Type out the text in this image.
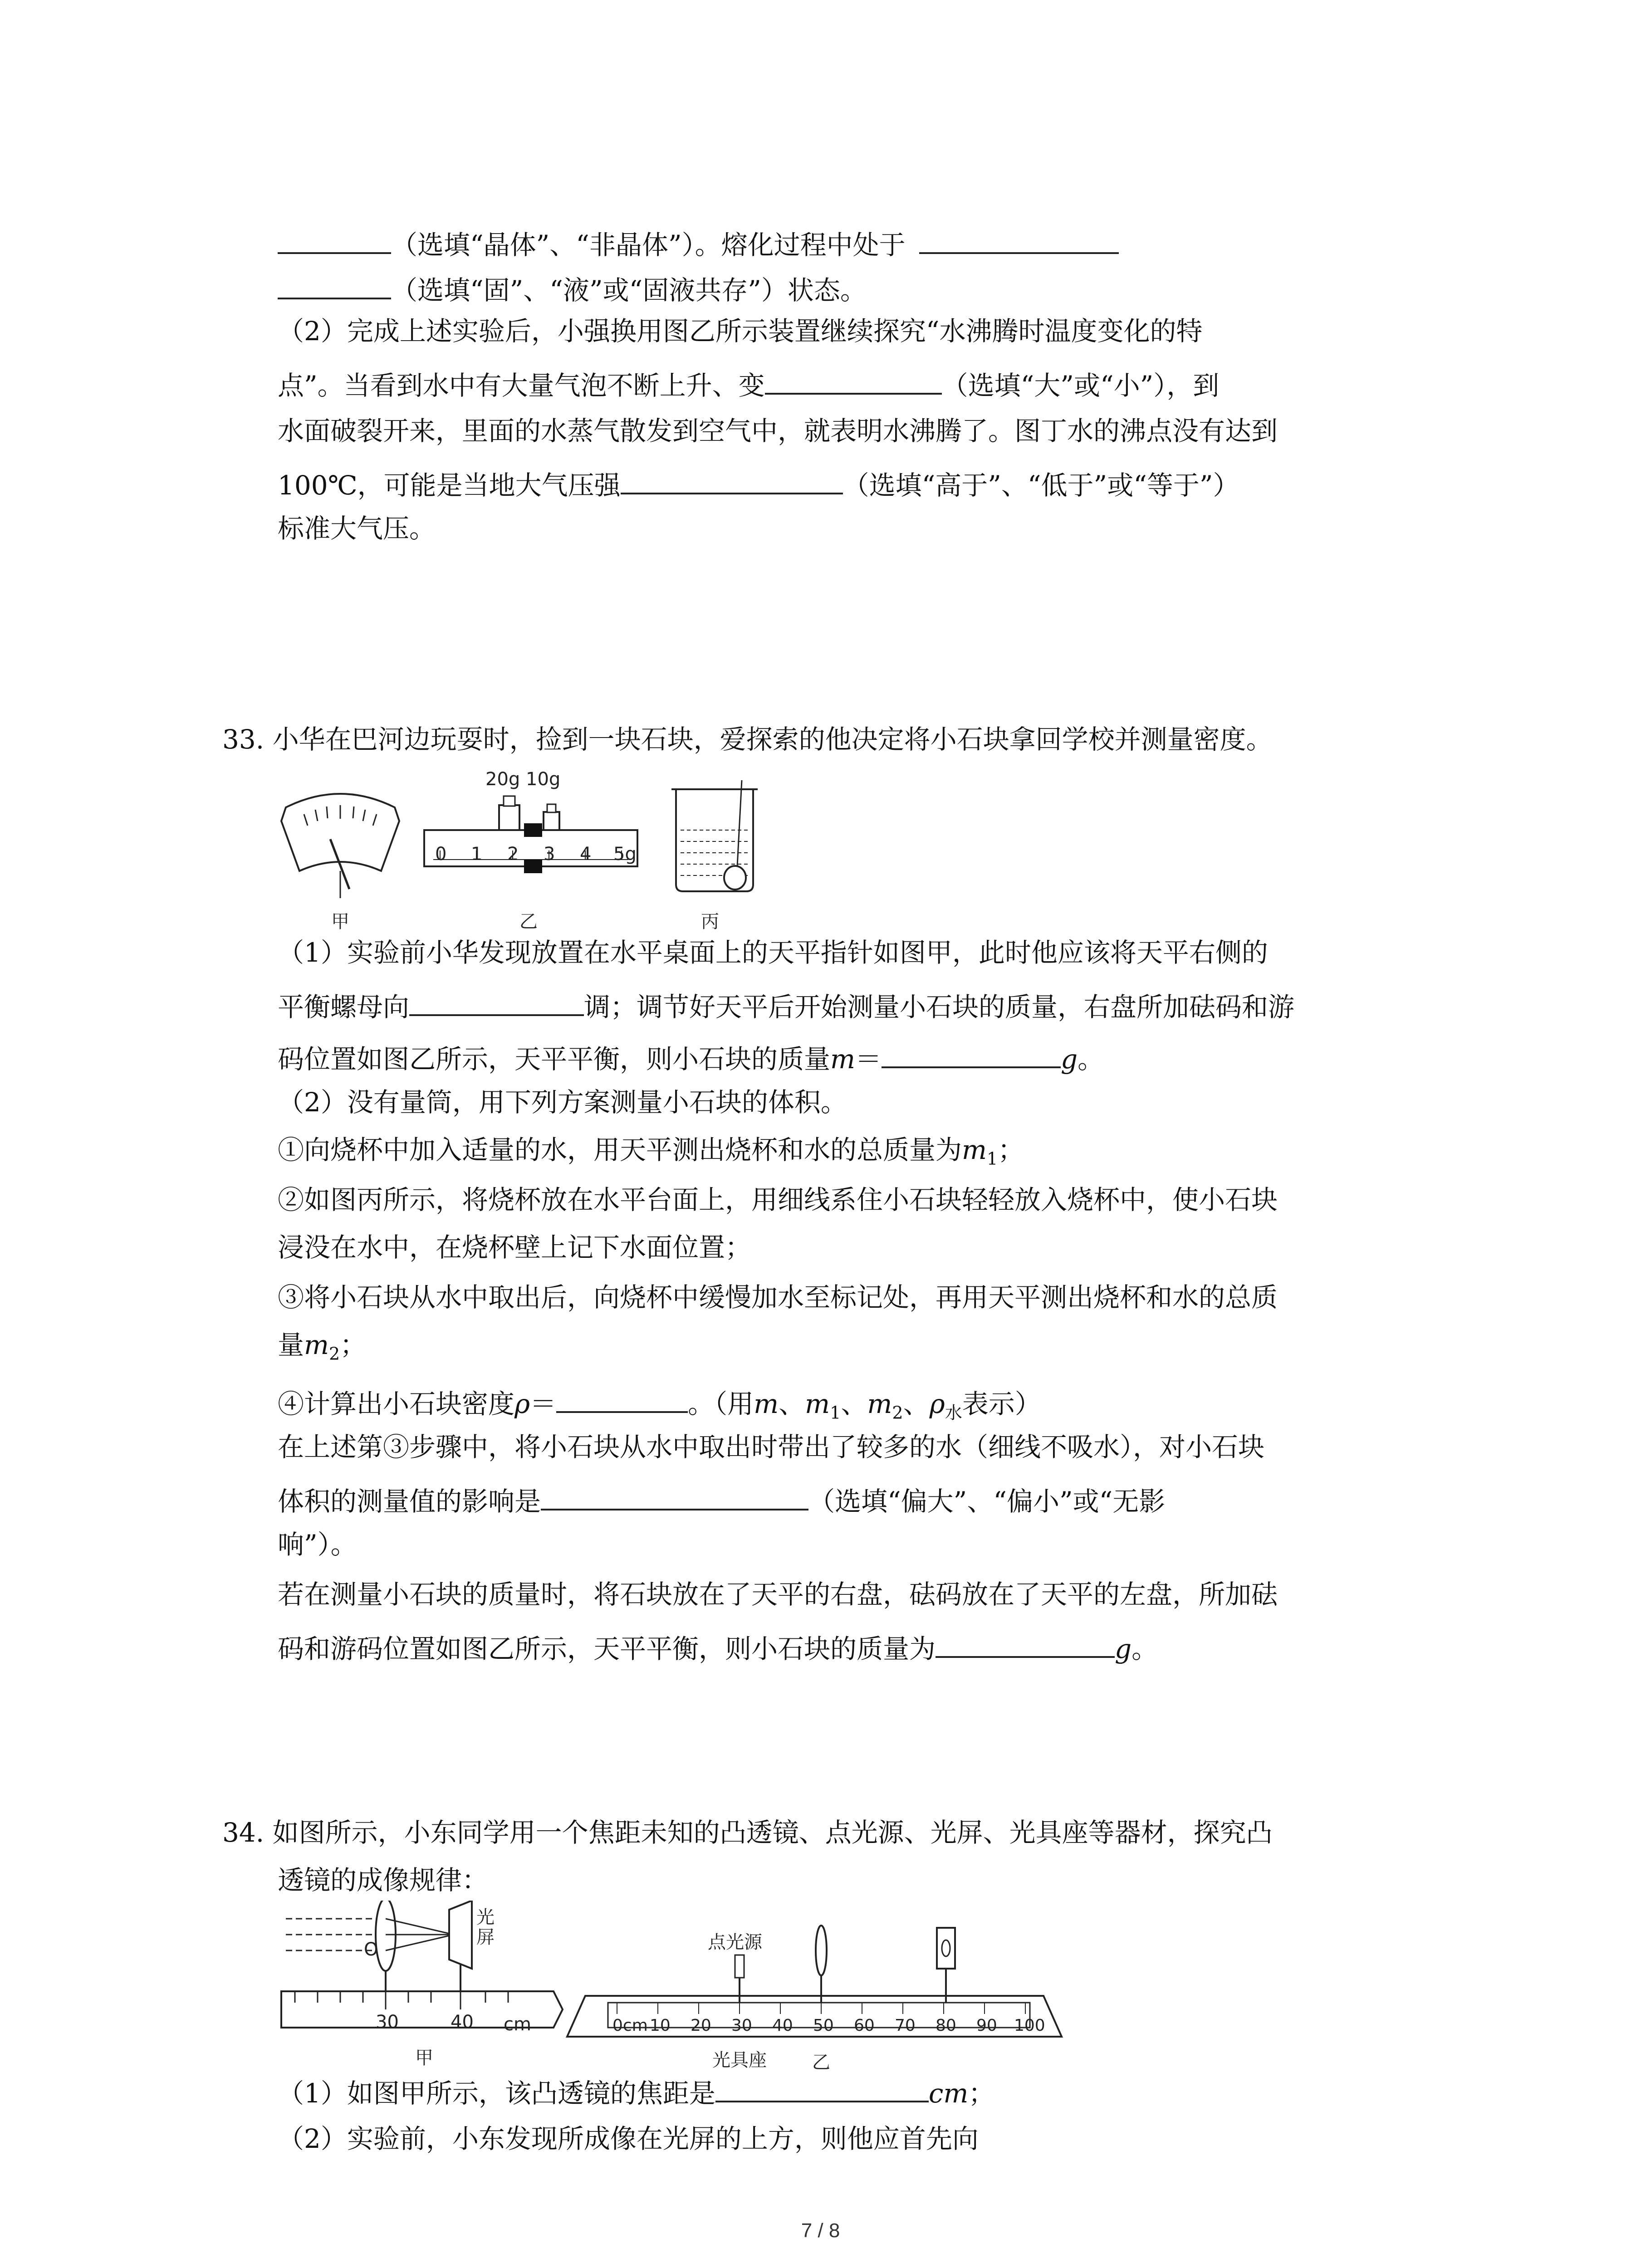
（选填“晶体”、“非晶体”）。熔化过程中处于
（选填“固”、“液”或“固液共存”）状态。
（2）完成上述实验后，小强换用图乙所示装置继续探究“水沸腾时温度变化的特
点”。当看到水中有大量气泡不断上升、变	（选填“大”或“小”），到
水面破裂开来，里面的水蒸气散发到空气中，就表明水沸腾了。图丁水的沸点没有达到
100℃，可能是当地大气压强	（选填“高于”、“低于”或“等于”）
标准大气压。
33. 小华在巴河边玩耍时，捡到一块石块，爱探索的他决定将小石块拿回学校并测量密度。
20g 10g
0 1 2 3 4 5g
甲	乙	丙
（1）实验前小华发现放置在水平桌面上的天平指针如图甲，此时他应该将天平右侧的
平衡螺母向	调；调节好天平后开始测量小石块的质量，右盘所加砝码和游
码位置如图乙所示，天平平衡，则小石块的质量m＝	g。
（2）没有量筒，用下列方案测量小石块的体积。
①向烧杯中加入适量的水，用天平测出烧杯和水的总质量为$m_1$；
②如图丙所示，将烧杯放在水平台面上，用细线系住小石块轻轻放入烧杯中，使小石块
浸没在水中，在烧杯壁上记下水面位置；
③将小石块从水中取出后，向烧杯中缓慢加水至标记处，再用天平测出烧杯和水的总质
量$m_2$；
④计算出小石块密度ρ＝	。（用m、$m_1$、$m_2$、$\rho_水$表示）
在上述第③步骤中，将小石块从水中取出时带出了较多的水（细线不吸水），对小石块
体积的测量值的影响是	（选填“偏大”、“偏小”或“无影
响”）。
若在测量小石块的质量时，将石块放在了天平的右盘，砝码放在了天平的左盘，所加砝
码和游码位置如图乙所示，天平平衡，则小石块的质量为	g。
34. 如图所示，小东同学用一个焦距未知的凸透镜、点光源、光屏、光具座等器材，探究凸
透镜的成像规律：
光屏
O
30	40 cm
甲
点光源
0cm 10 20 30 40 50 60 70 80 90 100
光具座	乙
（1）如图甲所示，该凸透镜的焦距是	cm；
（2）实验前，小东发现所成像在光屏的上方，则他应首先向
7 / 8
